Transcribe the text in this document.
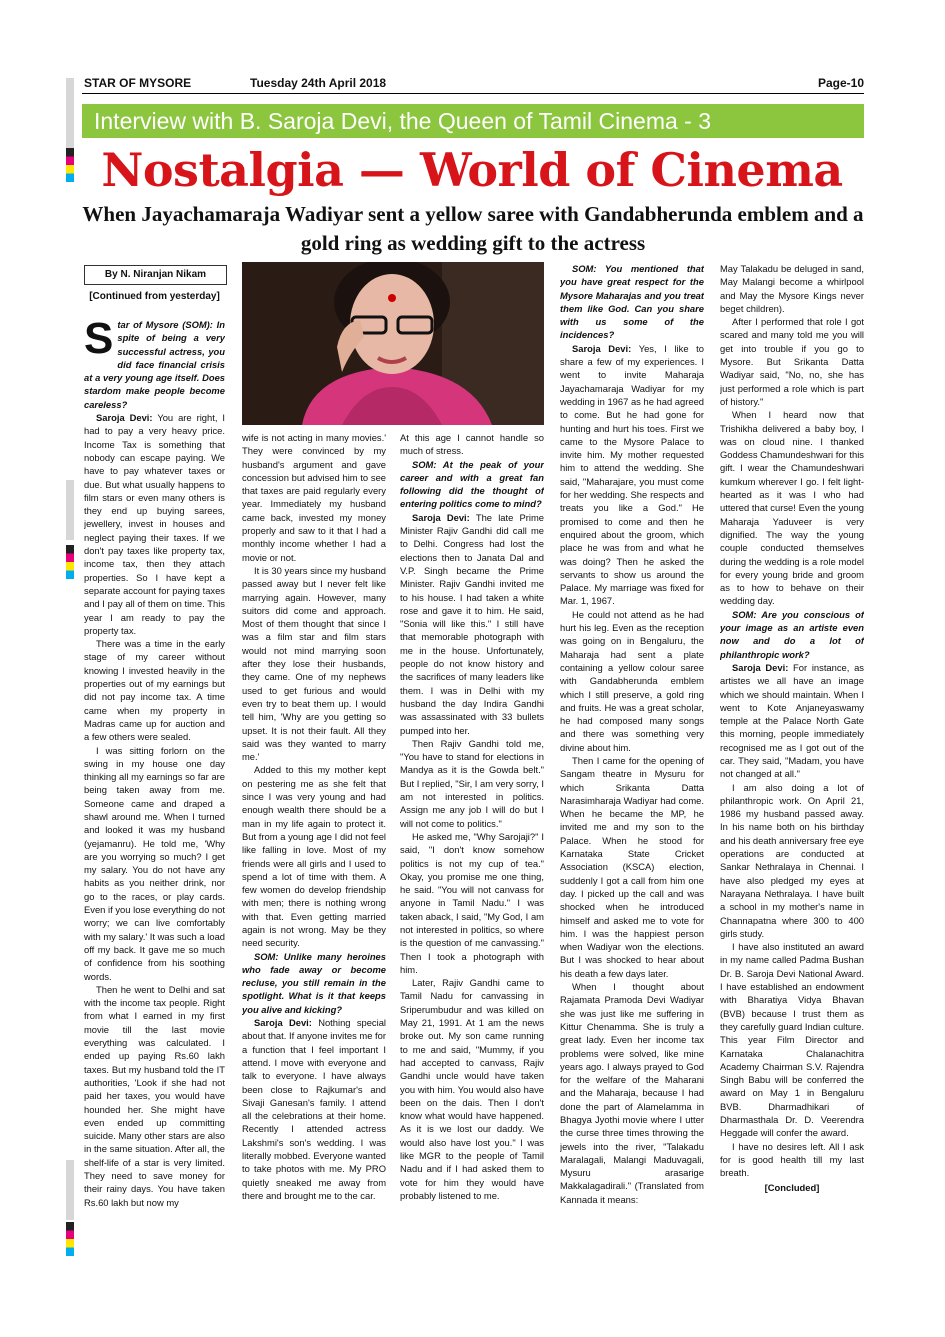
STAR OF MYSORE	Tuesday 24th April 2018	Page-10
Interview with B. Saroja Devi, the Queen of Tamil Cinema - 3
Nostalgia — World of Cinema
When Jayachamaraja Wadiyar sent a yellow saree with Gandabherunda emblem and a gold ring as wedding gift to the actress
By N. Niranjan Nikam
[Continued from yesterday]
S tar of Mysore (SOM): In spite of being a very successful actress, you did face financial crisis at a very young age itself. Does stardom make people become careless?

Saroja Devi: You are right, I had to pay a very heavy price. Income Tax is something that nobody can escape paying. We have to pay whatever taxes or due. But what usually happens to film stars or even many others is they end up buying sarees, jewellery, invest in houses and neglect paying their taxes. If we don't pay taxes like property tax, income tax, then they attach properties. So I have kept a separate account for paying taxes and I pay all of them on time. This year I am ready to pay the property tax.

There was a time in the early stage of my career without knowing I invested heavily in the properties out of my earnings but did not pay income tax. A time came when my property in Madras came up for auction and a few others were sealed.

I was sitting forlorn on the swing in my house one day thinking all my earnings so far are being taken away from me. Someone came and draped a shawl around me. When I turned and looked it was my husband (yejamanru). He told me, 'Why are you worrying so much? I get my salary. You do not have any habits as you neither drink, nor go to the races, or play cards. Even if you lose everything do not worry; we can live comfortably with my salary.' It was such a load off my back. It gave me so much of confidence from his soothing words.

Then he went to Delhi and sat with the income tax people. Right from what I earned in my first movie till the last movie everything was calculated. I ended up paying Rs.60 lakh taxes. But my husband told the IT authorities, 'Look if she had not paid her taxes, you would have hounded her. She might have even ended up committing suicide. Many other stars are also in the same situation. After all, the shelf-life of a star is very limited. They need to save money for their rainy days. You have taken Rs.60 lakh but now my

wife is not acting in many movies.' They were convinced by my husband's argument and gave concession but advised him to see that taxes are paid regularly every year. Immediately my husband came back, invested my money properly and saw to it that I had a monthly income whether I had a movie or not.

It is 30 years since my husband passed away but I never felt like marrying again. However, many suitors did come and approach. Most of them thought that since I was a film star and film stars would not mind marrying soon after they lose their husbands, they came. One of my nephews used to get furious and would even try to beat them up. I would tell him, 'Why are you getting so upset. It is not their fault. All they said was they wanted to marry me.'

Added to this my mother kept on pestering me as she felt that since I was very young and had enough wealth there should be a man in my life again to protect it. But from a young age I did not feel like falling in love. Most of my friends were all girls and I used to spend a lot of time with them. A few women do develop friendship with men; there is nothing wrong with that. Even getting married again is not wrong. May be they need security.

SOM: Unlike many heroines who fade away or become recluse, you still remain in the spotlight. What is it that keeps you alive and kicking?

Saroja Devi: Nothing special about that. If anyone invites me for a function that I feel important I attend. I move with everyone and talk to everyone. I have always been close to Rajkumar's and Sivaji Ganesan's family. I attend all the celebrations at their home. Recently I attended actress Lakshmi's son's wedding. I was literally mobbed. Everyone wanted to take photos with me. My PRO quietly sneaked me away from there and brought me to the car.

At this age I cannot handle so much of stress.

SOM: At the peak of your career and with a great fan following did the thought of entering politics come to mind?

Saroja Devi: The late Prime Minister Rajiv Gandhi did call me to Delhi. Congress had lost the elections then to Janata Dal and V.P. Singh became the Prime Minister. Rajiv Gandhi invited me to his house. I had taken a white rose and gave it to him. He said, "Sonia will like this." I still have that memorable photograph with me in the house. Unfortunately, people do not know history and the sacrifices of many leaders like them. I was in Delhi with my husband the day Indira Gandhi was assassinated with 33 bullets pumped into her.

Then Rajiv Gandhi told me, "You have to stand for elections in Mandya as it is the Gowda belt." But I replied, "Sir, I am very sorry, I am not interested in politics. Assign me any job I will do but I will not come to politics."

He asked me, "Why Sarojaji?" I said, "I don't know somehow politics is not my cup of tea." Okay, you promise me one thing, he said. "You will not canvass for anyone in Tamil Nadu." I was taken aback, I said, "My God, I am not interested in politics, so where is the question of me canvassing." Then I took a photograph with him.

Later, Rajiv Gandhi came to Tamil Nadu for canvassing in Sriperumbudur and was killed on May 21, 1991. At 1 am the news broke out. My son came running to me and said, "Mummy, if you had accepted to canvass, Rajiv Gandhi uncle would have taken you with him. You would also have been on the dais. Then I don't know what would have happened. As it is we lost our daddy. We would also have lost you." I was like MGR to the people of Tamil Nadu and if I had asked them to vote for him they would have probably listened to me.

SOM: You mentioned that you have great respect for the Mysore Maharajas and you treat them like God. Can you share with us some of the incidences?

Saroja Devi: Yes, I like to share a few of my experiences. I went to invite Maharaja Jayachamaraja Wadiyar for my wedding in 1967 as he had agreed to come. But he had gone for hunting and hurt his toes. First we came to the Mysore Palace to invite him. My mother requested him to attend the wedding. She said, "Maharajare, you must come for her wedding. She respects and treats you like a God." He promised to come and then he enquired about the groom, which place he was from and what he was doing? Then he asked the servants to show us around the Palace. My marriage was fixed for Mar. 1, 1967.

He could not attend as he had hurt his leg. Even as the reception was going on in Bengaluru, the Maharaja had sent a plate containing a yellow colour saree with Gandabherunda emblem which I still preserve, a gold ring and fruits. He was a great scholar, he had composed many songs and there was something very divine about him.

Then I came for the opening of Sangam theatre in Mysuru for which Srikanta Datta Narasimharaja Wadiyar had come. When he became the MP, he invited me and my son to the Palace. When he stood for Karnataka State Cricket Association (KSCA) election, suddenly I got a call from him one day. I picked up the call and was shocked when he introduced himself and asked me to vote for him. I was the happiest person when Wadiyar won the elections. But I was shocked to hear about his death a few days later.

When I thought about Rajamata Pramoda Devi Wadiyar she was just like me suffering in Kittur Chenamma. She is truly a great lady. Even her income tax problems were solved, like mine years ago. I always prayed to God for the welfare of the Maharani and the Maharaja, because I had done the part of Alamelamma in Bhagya Jyothi movie where I utter the curse three times throwing the jewels into the river, "Talakadu Maralagali, Malangi Maduvagali, Mysuru arasarige Makkalagadirali." (Translated from Kannada it means:

May Talakadu be deluged in sand, May Malangi become a whirlpool and May the Mysore Kings never beget children).

After I performed that role I got scared and many told me you will get into trouble if you go to Mysore. But Srikanta Datta Wadiyar said, "No, no, she has just performed a role which is part of history."

When I heard now that Trishikha delivered a baby boy, I was on cloud nine. I thanked Goddess Chamundeshwari for this gift. I wear the Chamundeshwari kumkum wherever I go. I felt light-hearted as it was I who had uttered that curse! Even the young Maharaja Yaduveer is very dignified. The way the young couple conducted themselves during the wedding is a role model for every young bride and groom as to how to behave on their wedding day.

SOM: Are you conscious of your image as an artiste even now and do a lot of philanthropic work?

Saroja Devi: For instance, as artistes we all have an image which we should maintain. When I went to Kote Anjaneyaswamy temple at the Palace North Gate this morning, people immediately recognised me as I got out of the car. They said, "Madam, you have not changed at all."

I am also doing a lot of philanthropic work. On April 21, 1986 my husband passed away. In his name both on his birthday and his death anniversary free eye operations are conducted at Sankar Nethralaya in Chennai. I have also pledged my eyes at Narayana Nethralaya. I have built a school in my mother's name in Channapatna where 300 to 400 girls study.

I have also instituted an award in my name called Padma Bushan Dr. B. Saroja Devi National Award. I have established an endowment with Bharatiya Vidya Bhavan (BVB) because I trust them as they carefully guard Indian culture. This year Film Director and Karnataka Chalanachitra Academy Chairman S.V. Rajendra Singh Babu will be conferred the award on May 1 in Bengaluru BVB. Dharmadhikari of Dharmasthala Dr. D. Veerendra Heggade will confer the award.

I have no desires left. All I ask for is good health till my last breath.

[Concluded]
